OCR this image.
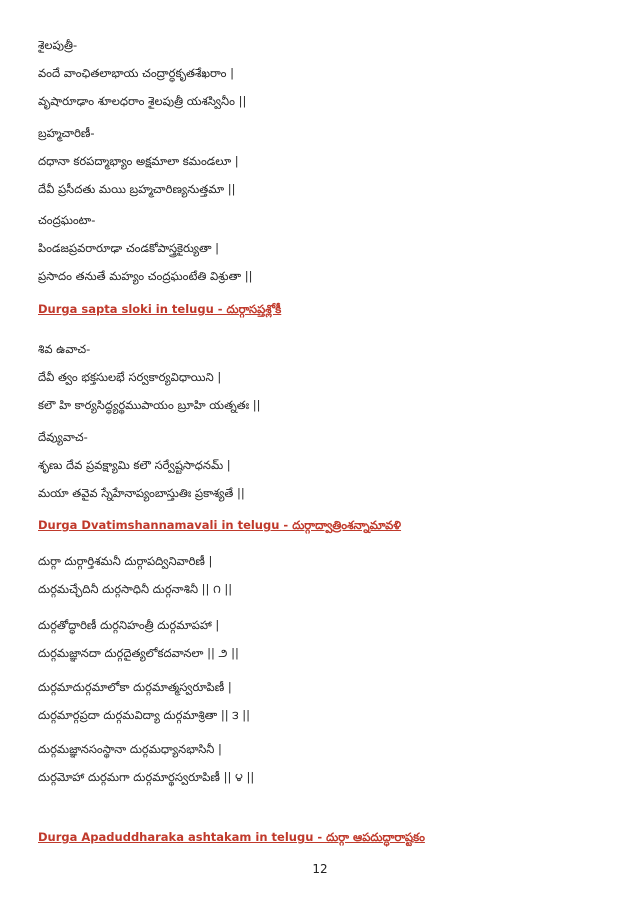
శైలపుత్రీ-
వందే వాంఛితలాభాయ చంద్రార్ధకృతశేఖరాం |
వృషారూఢాం శూలధరాం శైలపుత్రీ యశస్వినీం ||
బ్రహ్మచారిణీ-
దధానా కరపద్మాభ్యాం అక్షమాలా కమండలూ |
దేవీ ప్రసీదతు మయి బ్రహ్మచారిణ్యనుత్తమా ||
చంద్రఘంటా-
పిండజప్రవరారూఢా చండకోపాస్త్రకైర్యుతా |
ప్రసాదం తనుతే మహ్యం చంద్రఘంటేతి విశ్రుతా ||
Durga sapta sloki in telugu - దుర్గాసప్తశ్లోకీ
శివ ఉవాచ-
దేవీ త్వం భక్తసులభే సర్వకార్యవిధాయిని |
కలౌ హి కార్యసిద్ధ్యర్థముపాయం బ్రూహి యత్నతః ||
దేవ్యువాచ-
శృణు దేవ ప్రవక్ష్యామి కలౌ సర్వేష్టసాధనమ్ |
మయా తవైవ స్నేహేనాప్యంబాస్తుతిః ప్రకాశ్యతే ||
Durga Dvatimshannamavali in telugu - దుర్గాద్వాత్రింశన్నామావళి
దుర్గా దుర్గార్తిశమనీ దుర్గాపద్వినివారిణీ |
దుర్గమచ్ఛేదినీ దుర్గసాధినీ దుర్గనాశినీ || ౧ ||
దుర్గతోద్ధారిణీ దుర్గనిహంత్రీ దుర్గమాపహా |
దుర్గమజ్ఞానదా దుర్గదైత్యలోకదవానలా || ౨ ||
దుర్గమాదుర్గమాలోకా దుర్గమాత్మస్వరూపిణీ |
దుర్గమార్గప్రదా దుర్గమవిద్యా దుర్గమాశ్రితా || ౩ ||
దుర్గమజ్ఞానసంస్థానా దుర్గమధ్యానభాసినీ |
దుర్గమోహా దుర్గమగా దుర్గమార్థస్వరూపిణీ || ౪ ||
Durga Apaduddharaka ashtakam in telugu - దుర్గా ఆపదుద్ధారాష్టకం
12
